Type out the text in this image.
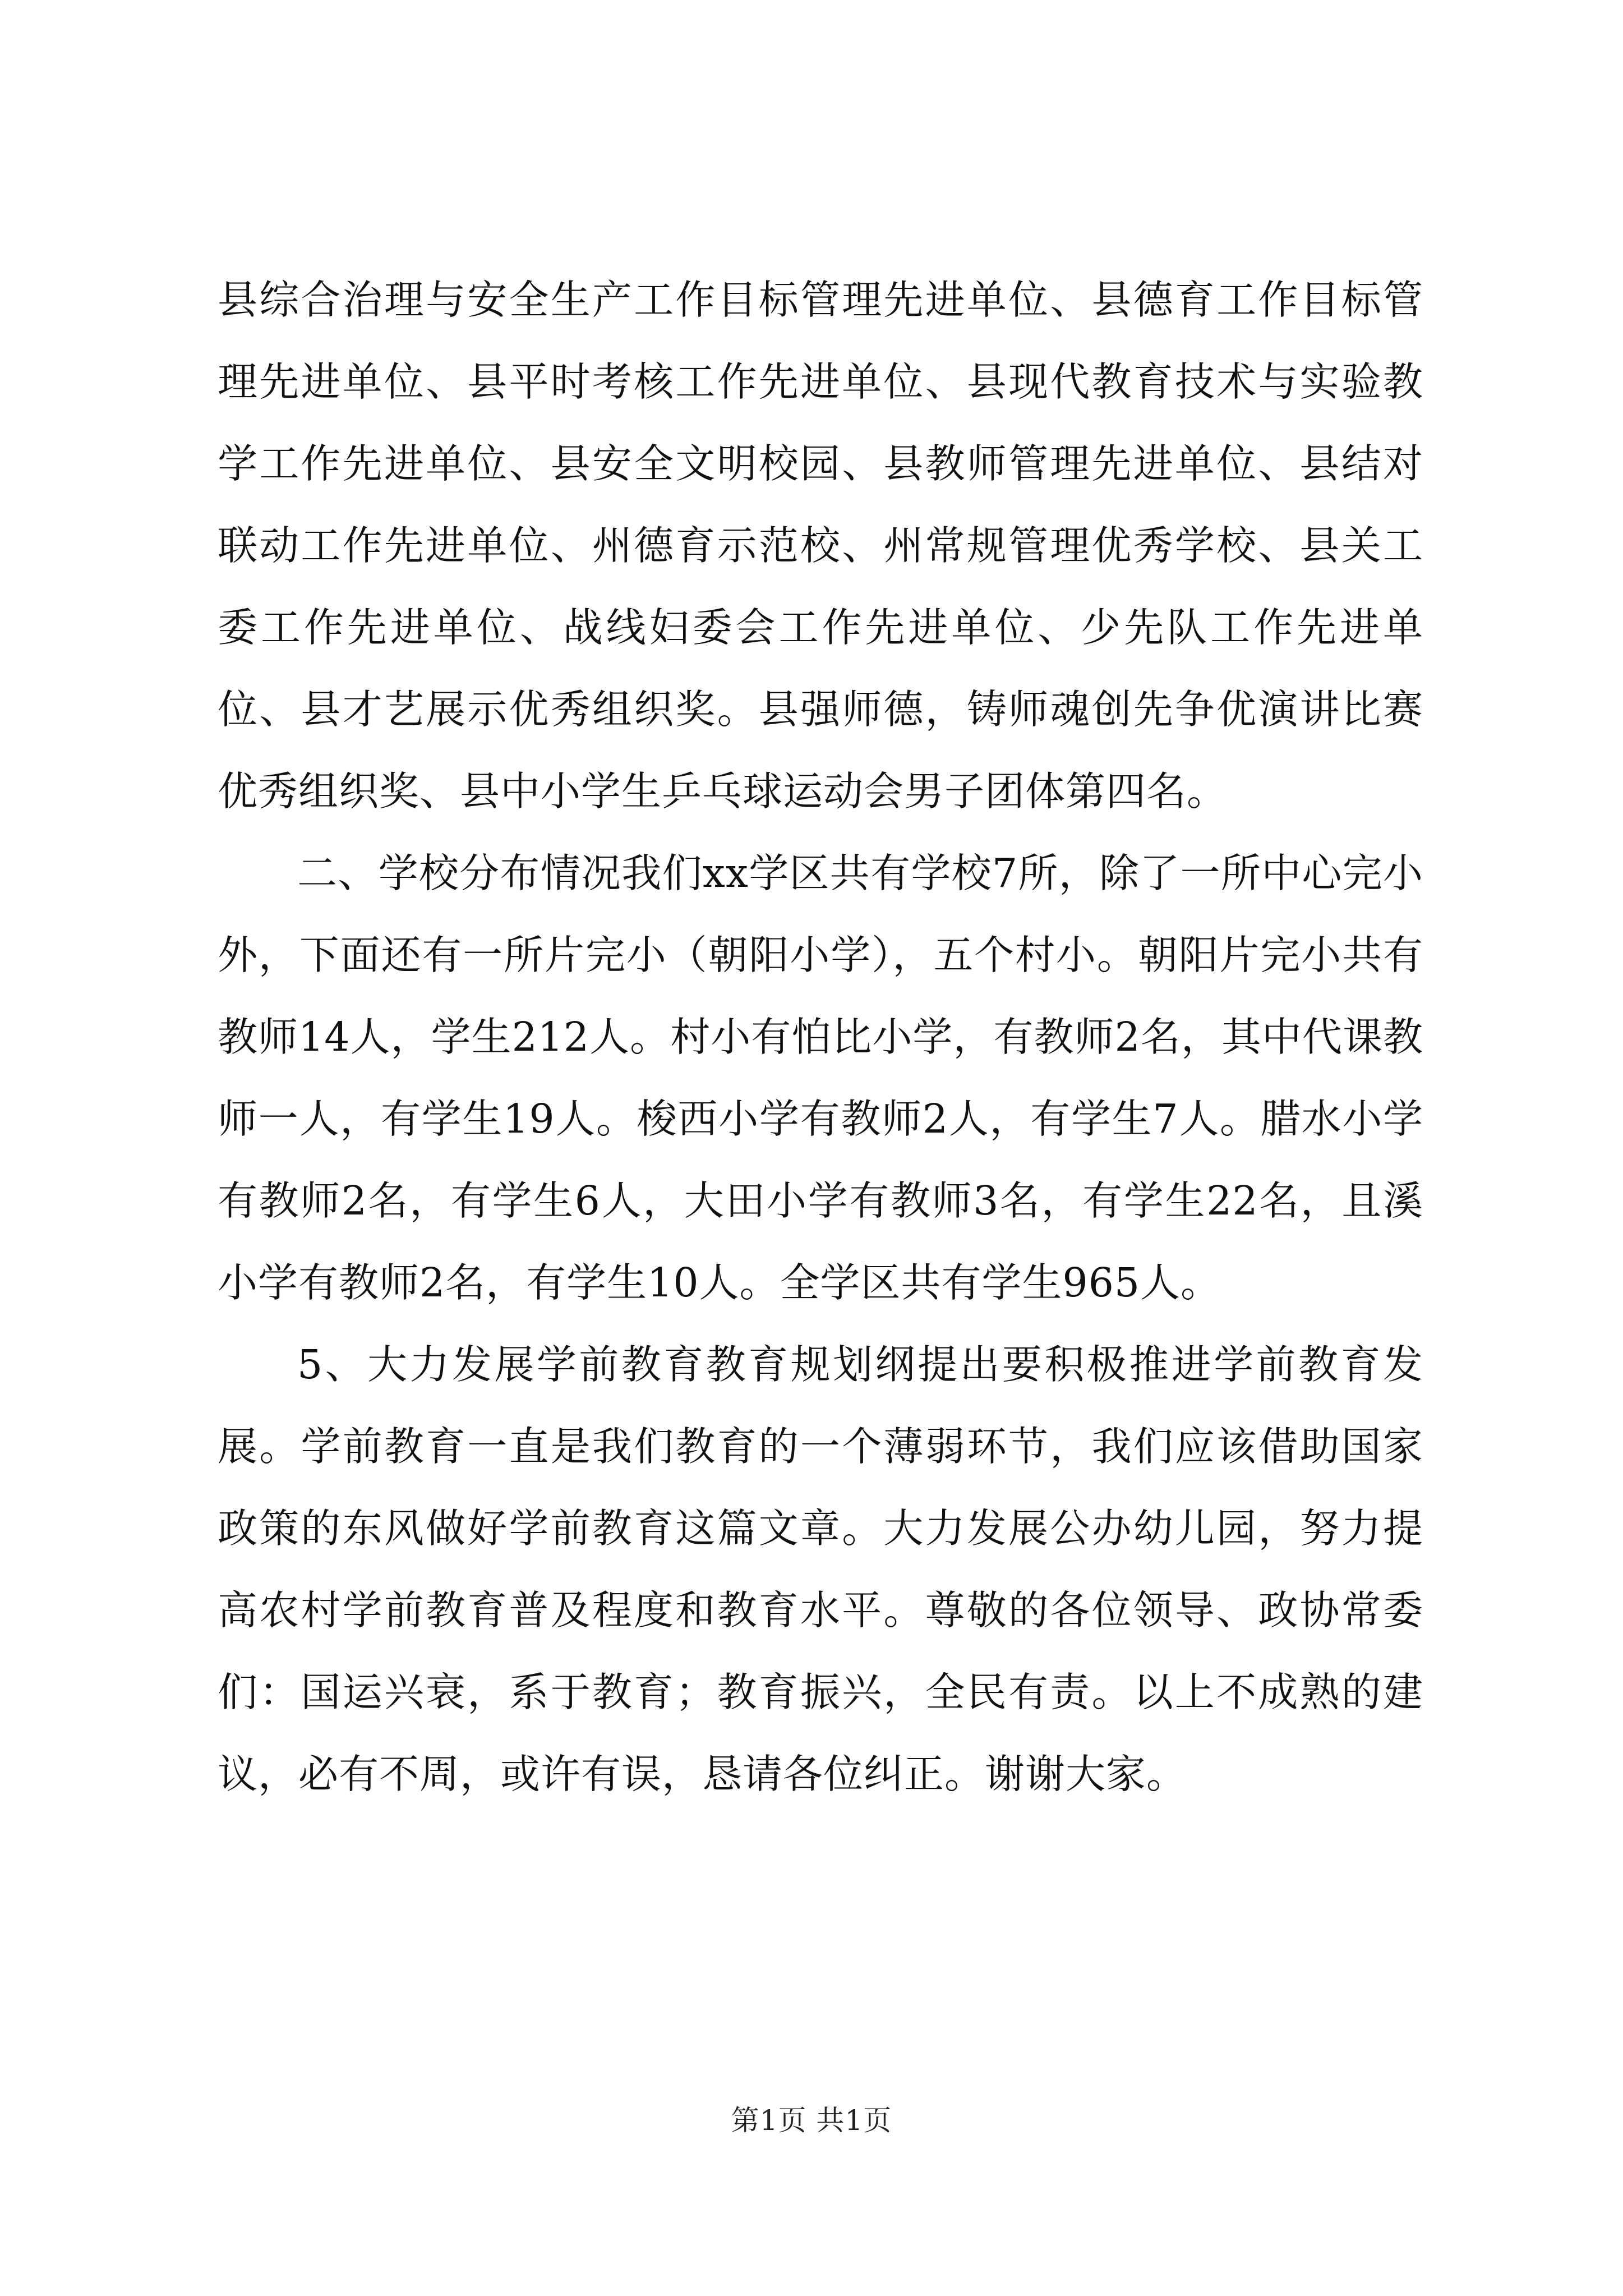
县综合治理与安全生产工作目标管理先进单位、县德育工作目标管理先进单位、县平时考核工作先进单位、县现代教育技术与实验教学工作先进单位、县安全文明校园、县教师管理先进单位、县结对联动工作先进单位、州德育示范校、州常规管理优秀学校、县关工委工作先进单位、战线妇委会工作先进单位、少先队工作先进单位、县才艺展示优秀组织奖。县强师德，铸师魂创先争优演讲比赛优秀组织奖、县中小学生乒乓球运动会男子团体第四名。

二、学校分布情况我们xx学区共有学校7所，除了一所中心完小外，下面还有一所片完小（朝阳小学），五个村小。朝阳片完小共有教师14人，学生212人。村小有怕比小学，有教师2名，其中代课教师一人，有学生19人。梭西小学有教师2人，有学生7人。腊水小学有教师2名，有学生6人，大田小学有教师3名，有学生22名，且溪小学有教师2名，有学生10人。全学区共有学生965人。

5、大力发展学前教育教育规划纲提出要积极推进学前教育发展。学前教育一直是我们教育的一个薄弱环节，我们应该借助国家政策的东风做好学前教育这篇文章。大力发展公办幼儿园，努力提高农村学前教育普及程度和教育水平。尊敬的各位领导、政协常委们：国运兴衰，系于教育；教育振兴，全民有责。以上不成熟的建议，必有不周，或许有误，恳请各位纠正。谢谢大家。

第1页 共1页
